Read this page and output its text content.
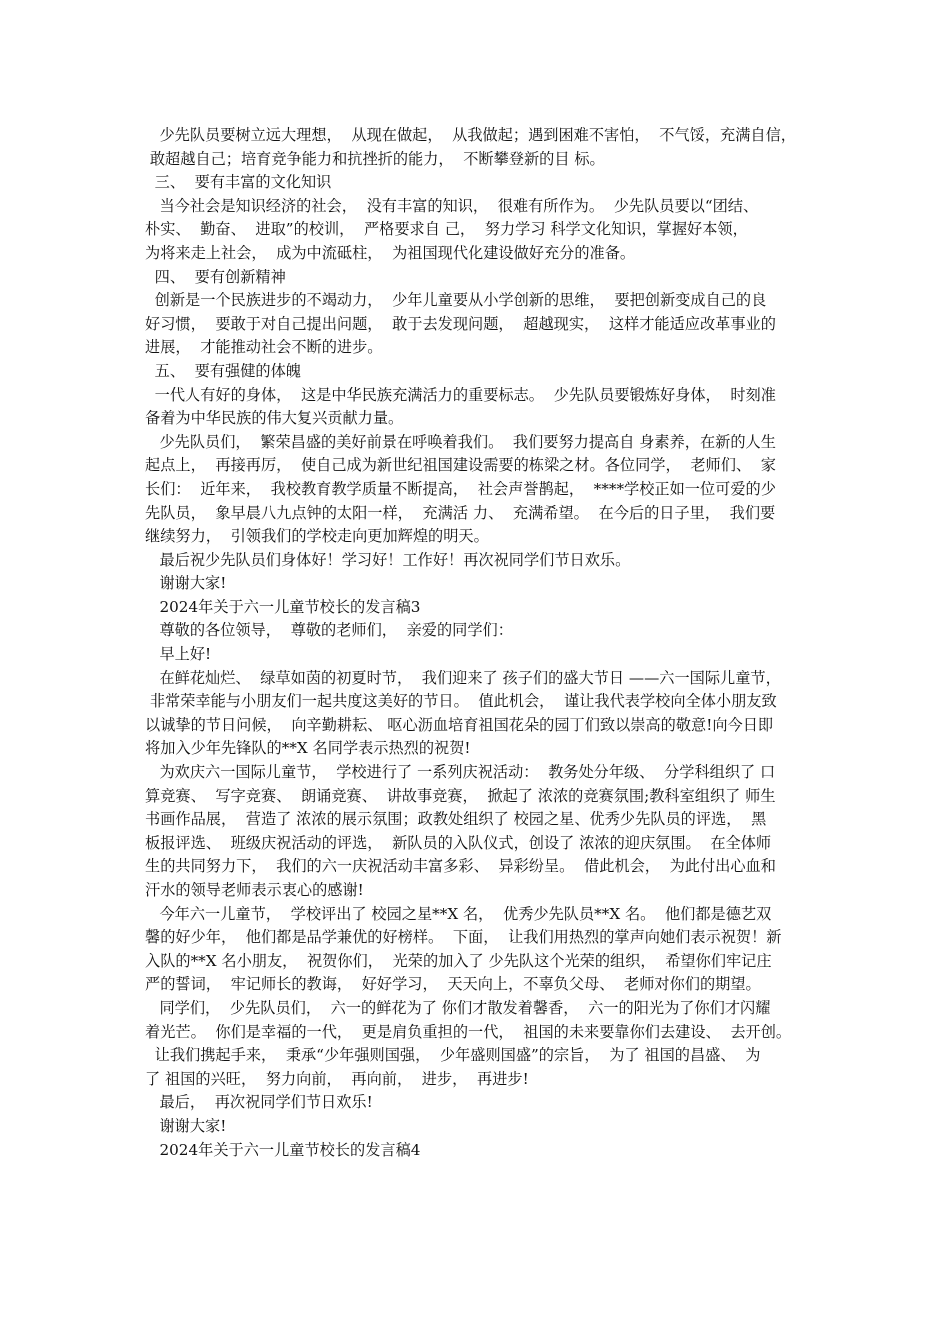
少先队员要树立远大理想，  从现在做起，  从我做起；遇到困难不害怕，  不气馁，充满自信，
敢超越自己；培育竞争能力和抗挫折的能力，  不断攀登新的目 标。
三、  要有丰富的文化知识
当今社会是知识经济的社会，  没有丰富的知识，  很难有所作为。  少先队员要以“团结、
朴实、  勤奋、  进取”的校训，  严格要求自 己，  努力学习 科学文化知识，掌握好本领，
为将来走上社会，  成为中流砥柱，  为祖国现代化建设做好充分的准备。
四、  要有创新精神
创新是一个民族进步的不竭动力，  少年儿童要从小学创新的思维，  要把创新变成自己的良
好习惯，  要敢于对自己提出问题，  敢于去发现问题，  超越现实，  这样才能适应改革事业的
进展，  才能推动社会不断的进步。
五、  要有强健的体魄
一代人有好的身体，  这是中华民族充满活力的重要标志。  少先队员要锻炼好身体，  时刻准
备着为中华民族的伟大复兴贡献力量。
少先队员们，  繁荣昌盛的美好前景在呼唤着我们。  我们要努力提高自 身素养，在新的人生
起点上，  再接再厉，  使自己成为新世纪祖国建设需要的栋梁之材。各位同学，  老师们、  家
长们：  近年来，  我校教育教学质量不断提高，  社会声誉鹊起，  ****学校正如一位可爱的少
先队员，  象早晨八九点钟的太阳一样，  充满活 力、  充满希望。  在今后的日子里，  我们要
继续努力，  引领我们的学校走向更加辉煌的明天。
最后祝少先队员们身体好！学习好！工作好！再次祝同学们节日欢乐。
谢谢大家!
2024年关于六一儿童节校长的发言稿3
尊敬的各位领导，  尊敬的老师们，  亲爱的同学们：
早上好!
在鲜花灿烂、  绿草如茵的初夏时节，  我们迎来了 孩子们的盛大节日 ——六一国际儿童节，
非常荣幸能与小朋友们一起共度这美好的节日。  值此机会，  谨让我代表学校向全体小朋友致
以诚挚的节日问候，  向辛勤耕耘、 呕心沥血培育祖国花朵的园丁们致以崇高的敬意!向今日即
将加入少年先锋队的**X 名同学表示热烈的祝贺!
为欢庆六一国际儿童节，  学校进行了 一系列庆祝活动：  教务处分年级、  分学科组织了 口
算竞赛、  写字竞赛、  朗诵竞赛、  讲故事竞赛，  掀起了 浓浓的竞赛氛围;教科室组织了 师生
书画作品展，  营造了 浓浓的展示氛围；政教处组织了 校园之星、优秀少先队员的评选，  黑
板报评选、  班级庆祝活动的评选，  新队员的入队仪式，创设了 浓浓的迎庆氛围。  在全体师
生的共同努力下，  我们的六一庆祝活动丰富多彩、  异彩纷呈。  借此机会，  为此付出心血和
汗水的领导老师表示衷心的感谢!
今年六一儿童节，  学校评出了 校园之星**X 名，  优秀少先队员**X 名。  他们都是德艺双
馨的好少年，  他们都是品学兼优的好榜样。  下面，  让我们用热烈的掌声向她们表示祝贺！新
入队的**X 名小朋友，  祝贺你们，  光荣的加入了 少先队这个光荣的组织，  希望你们牢记庄
严的誓词，  牢记师长的教诲，  好好学习，  天天向上，不辜负父母、  老师对你们的期望。
同学们，  少先队员们，  六一的鲜花为了 你们才散发着馨香，  六一的阳光为了你们才闪耀
着光芒。  你们是幸福的一代，  更是肩负重担的一代，  祖国的未来要靠你们去建设、  去开创。
让我们携起手来，  秉承“少年强则国强，  少年盛则国盛”的宗旨，  为了 祖国的昌盛、  为
了 祖国的兴旺，  努力向前，  再向前，  进步，  再进步!
最后，  再次祝同学们节日欢乐!
谢谢大家!
2024年关于六一儿童节校长的发言稿4
